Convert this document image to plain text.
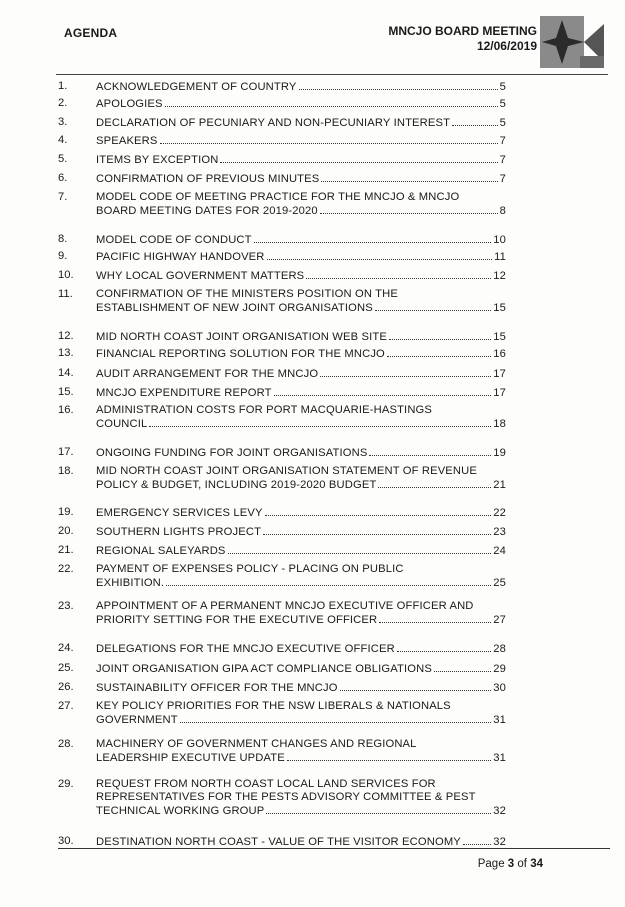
AGENDA	MNCJO BOARD MEETING
12/06/2019
1.	ACKNOWLEDGEMENT OF COUNTRY	5
2.	APOLOGIES	5
3.	DECLARATION OF PECUNIARY AND NON-PECUNIARY INTEREST	5
4.	SPEAKERS	7
5.	ITEMS BY EXCEPTION	7
6.	CONFIRMATION OF PREVIOUS MINUTES	7
7.	MODEL CODE OF MEETING PRACTICE FOR THE MNCJO & MNCJO
BOARD MEETING DATES FOR 2019-2020	8
8.	MODEL CODE OF CONDUCT	10
9.	PACIFIC HIGHWAY HANDOVER	11
10.	WHY LOCAL GOVERNMENT MATTERS	12
11.	CONFIRMATION OF THE MINISTERS POSITION ON THE
ESTABLISHMENT OF NEW JOINT ORGANISATIONS	15
12.	MID NORTH COAST JOINT ORGANISATION WEB SITE	15
13.	FINANCIAL REPORTING SOLUTION FOR THE MNCJO	16
14.	AUDIT ARRANGEMENT FOR THE MNCJO	17
15.	MNCJO EXPENDITURE REPORT	17
16.	ADMINISTRATION COSTS FOR PORT MACQUARIE-HASTINGS
COUNCIL	18
17.	ONGOING FUNDING FOR JOINT ORGANISATIONS	19
18.	MID NORTH COAST JOINT ORGANISATION STATEMENT OF REVENUE
POLICY & BUDGET, INCLUDING 2019-2020 BUDGET	21
19.	EMERGENCY SERVICES LEVY	22
20.	SOUTHERN LIGHTS PROJECT	23
21.	REGIONAL SALEYARDS	24
22.	PAYMENT OF EXPENSES POLICY - PLACING ON PUBLIC
EXHIBITION.	25
23.	APPOINTMENT OF A PERMANENT MNCJO EXECUTIVE OFFICER AND
PRIORITY SETTING FOR THE EXECUTIVE OFFICER	27
24.	DELEGATIONS FOR THE MNCJO EXECUTIVE OFFICER	28
25.	JOINT ORGANISATION GIPA ACT COMPLIANCE OBLIGATIONS	29
26.	SUSTAINABILITY OFFICER FOR THE MNCJO	30
27.	KEY POLICY PRIORITIES FOR THE NSW LIBERALS & NATIONALS
GOVERNMENT	31
28.	MACHINERY OF GOVERNMENT CHANGES AND REGIONAL
LEADERSHIP EXECUTIVE UPDATE	31
29.	REQUEST FROM NORTH COAST LOCAL LAND SERVICES FOR
REPRESENTATIVES FOR THE PESTS ADVISORY COMMITTEE & PEST
TECHNICAL WORKING GROUP	32
30.	DESTINATION NORTH COAST - VALUE OF THE VISITOR ECONOMY	32
Page 3 of 34
